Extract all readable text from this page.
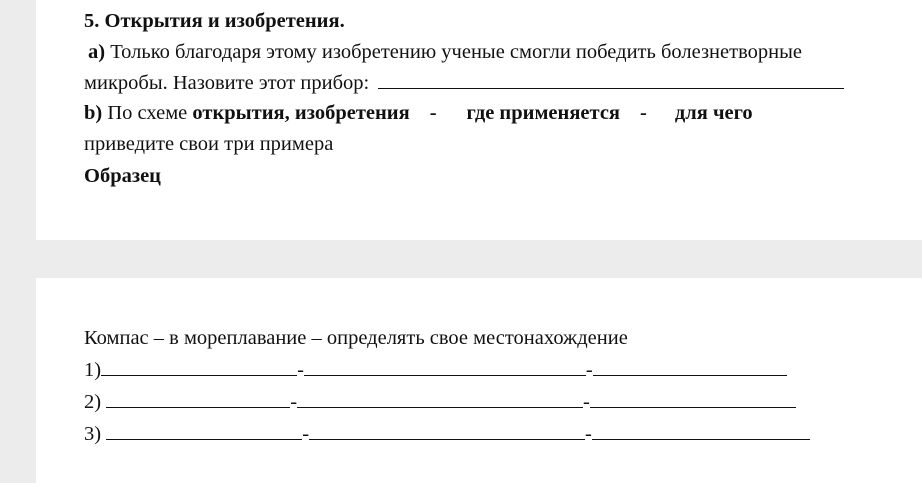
5. Открытия и изобретения.
а) Только благодаря этому изобретению ученые смогли победить болезнетворные
микробы. Назовите этот прибор:
b) По схеме открытия, изобретения - где применяется - для чего
приведите свои три примера
Образец
Компас – в мореплавание – определять свое местонахождение
1)	-	-
2)	-	-
3)	-	-
